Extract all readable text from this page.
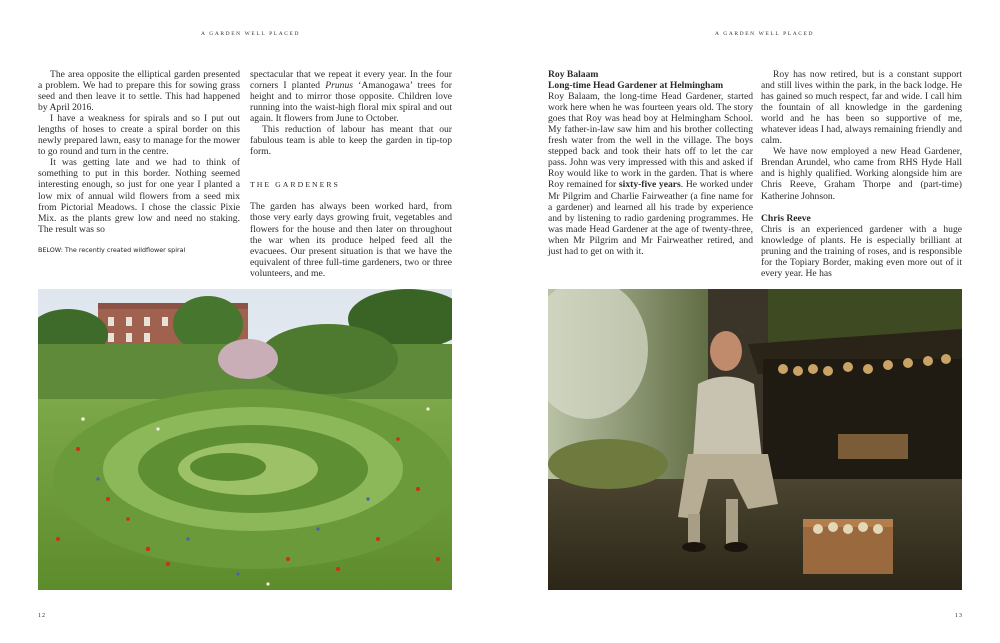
A GARDEN WELL PLACED

The area opposite the elliptical garden presented a problem. We had to prepare this for sowing grass seed and then leave it to settle. This had happened by April 2016.

I have a weakness for spirals and so I put out lengths of hoses to create a spiral border on this newly prepared lawn, easy to manage for the mower to go round and turn in the centre.

It was getting late and we had to think of something to put in this border. Nothing seemed interesting enough, so just for one year I planted a low mix of annual wild flowers from a seed mix from Pictorial Meadows. I chose the classic Pixie Mix. as the plants grew low and need no staking. The result was so

spectacular that we repeat it every year. In the four corners I planted Prunus ‘Amanogawa’ trees for height and to mirror those opposite. Children love running into the waist-high floral mix spiral and out again. It flowers from June to October.

This reduction of labour has meant that our fabulous team is able to keep the garden in tip-top form.

THE GARDENERS

The garden has always been worked hard, from those very early days growing fruit, vegetables and flowers for the house and then later on throughout the war when its produce helped feed all the evacuees. Our present situation is that we have the equivalent of three full-time gardeners, two or three volunteers, and me.

BELOW: The recently created wildflower spiral
12
A GARDEN WELL PLACED
Roy Balaam
Long-time Head Gardener at Helmingham

Roy Balaam, the long-time Head Gardener, started work here when he was fourteen years old. The story goes that Roy was head boy at Helmingham School. My father-in-law saw him and his brother collecting fresh water from the well in the village. The boys stepped back and took their hats off to let the car pass. John was very impressed with this and asked if Roy would like to work in the garden. That is where Roy remained for sixty-five years. He worked under Mr Pilgrim and Charlie Fairweather (a fine name for a gardener) and learned all his trade by experience and by listening to radio gardening programmes. He was made Head Gardener at the age of twenty-three, when Mr Pilgrim and Mr Fairweather retired, and just had to get on with it.

Roy has now retired, but is a constant support and still lives within the park, in the back lodge. He has gained so much respect, far and wide. I call him the fountain of all knowledge in the gardening world and he has been so supportive of me, whatever ideas I had, always remaining friendly and calm.

We have now employed a new Head Gardener, Brendan Arundel, who came from RHS Hyde Hall and is highly qualified. Working alongside him are Chris Reeve, Graham Thorpe and (part-time) Katherine Johnson.

Chris Reeve

Chris is an experienced gardener with a huge knowledge of plants. He is especially brilliant at pruning and the training of roses, and is responsible for the Topiary Border, making even more out of it every year. He has

13
